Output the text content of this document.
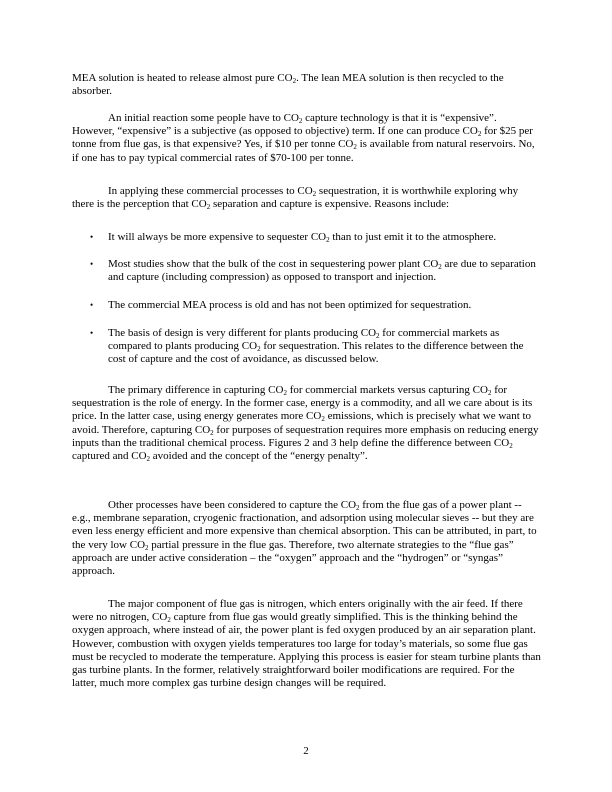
MEA solution is heated to release almost pure $CO_2$. The lean MEA solution is then recycled to the absorber.

An initial reaction some people have to $CO_2$ capture technology is that it is “expensive”. However, “expensive” is a subjective (as opposed to objective) term. If one can produce $CO_2$ for $25 per tonne from flue gas, is that expensive? Yes, if $10 per tonne $CO_2$ is available from natural reservoirs. No, if one has to pay typical commercial rates of $70-100 per tonne.

In applying these commercial processes to $CO_2$ sequestration, it is worthwhile exploring why there is the perception that $CO_2$ separation and capture is expensive. Reasons include:

• It will always be more expensive to sequester $CO_2$ than to just emit it to the atmosphere.
• Most studies show that the bulk of the cost in sequestering power plant $CO_2$ are due to separation and capture (including compression) as opposed to transport and injection.
• The commercial MEA process is old and has not been optimized for sequestration.
• The basis of design is very different for plants producing $CO_2$ for commercial markets as compared to plants producing $CO_2$ for sequestration. This relates to the difference between the cost of capture and the cost of avoidance, as discussed below.

The primary difference in capturing $CO_2$ for commercial markets versus capturing $CO_2$ for sequestration is the role of energy. In the former case, energy is a commodity, and all we care about is its price. In the latter case, using energy generates more $CO_2$ emissions, which is precisely what we want to avoid. Therefore, capturing $CO_2$ for purposes of sequestration requires more emphasis on reducing energy inputs than the traditional chemical process. Figures 2 and 3 help define the difference between $CO_2$ captured and $CO_2$ avoided and the concept of the “energy penalty”.

Other processes have been considered to capture the $CO_2$ from the flue gas of a power plant -- e.g., membrane separation, cryogenic fractionation, and adsorption using molecular sieves -- but they are even less energy efficient and more expensive than chemical absorption. This can be attributed, in part, to the very low $CO_2$ partial pressure in the flue gas. Therefore, two alternate strategies to the “flue gas” approach are under active consideration – the “oxygen” approach and the “hydrogen” or “syngas” approach.

The major component of flue gas is nitrogen, which enters originally with the air feed. If there were no nitrogen, $CO_2$ capture from flue gas would greatly simplified. This is the thinking behind the oxygen approach, where instead of air, the power plant is fed oxygen produced by an air separation plant. However, combustion with oxygen yields temperatures too large for today’s materials, so some flue gas must be recycled to moderate the temperature. Applying this process is easier for steam turbine plants than gas turbine plants. In the former, relatively straightforward boiler modifications are required. For the latter, much more complex gas turbine design changes will be required.

2
